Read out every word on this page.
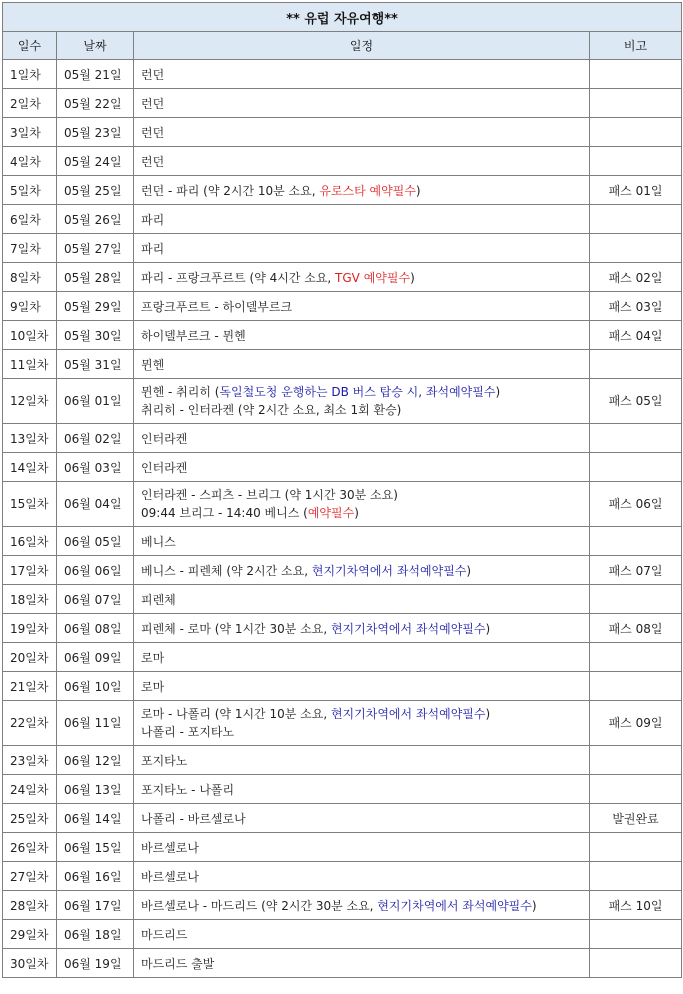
** 유럽 자유여행**			
일수	날짜	일정	비고
1일차	05월 21일	런던	

2일차	05월 22일	런던	

3일차	05월 23일	런던	

4일차	05월 24일	런던	

5일차	05월 25일	런던 - 파리 (약 2시간 10분 소요, 유로스타 예약필수)	패스 01일
6일차	05월 26일	파리	

7일차	05월 27일	파리	

8일차	05월 28일	파리 - 프랑크푸르트 (약 4시간 소요, TGV 예약필수)	패스 02일
9일차	05월 29일	프랑크푸르트 - 하이델부르크	패스 03일
10일차	05월 30일	하이델부르크 - 뮌헨	패스 04일
11일차	05월 31일	뮌헨	

12일차	06월 01일	뮌헨 - 취리히 (독일철도청 운행하는 DB 버스 탑승 시, 좌석예약필수)
취리히 - 인터라켄 (약 2시간 소요, 최소 1회 환승)	패스 05일
13일차	06월 02일	인터라켄	

14일차	06월 03일	인터라켄	

15일차	06월 04일	인터라켄 - 스피츠 - 브리그 (약 1시간 30분 소요)
09:44 브리그 - 14:40 베니스 (예약필수)	패스 06일
16일차	06월 05일	베니스	

17일차	06월 06일	베니스 - 피렌체 (약 2시간 소요, 현지기차역에서 좌석예약필수)	패스 07일
18일차	06월 07일	피렌체	

19일차	06월 08일	피렌체 - 로마 (약 1시간 30분 소요, 현지기차역에서 좌석예약필수)	패스 08일
20일차	06월 09일	로마	

21일차	06월 10일	로마	

22일차	06월 11일	로마 - 나폴리 (약 1시간 10분 소요, 현지기차역에서 좌석예약필수)
나폴리 - 포지타노	패스 09일
23일차	06월 12일	포지타노	

24일차	06월 13일	포지타노 - 나폴리	

25일차	06월 14일	나폴리 - 바르셀로나	발권완료
26일차	06월 15일	바르셀로나	

27일차	06월 16일	바르셀로나	

28일차	06월 17일	바르셀로나 - 마드리드 (약 2시간 30분 소요, 현지기차역에서 좌석예약필수)	패스 10일
29일차	06월 18일	마드리드	

30일차	06월 19일	마드리드 출발	
